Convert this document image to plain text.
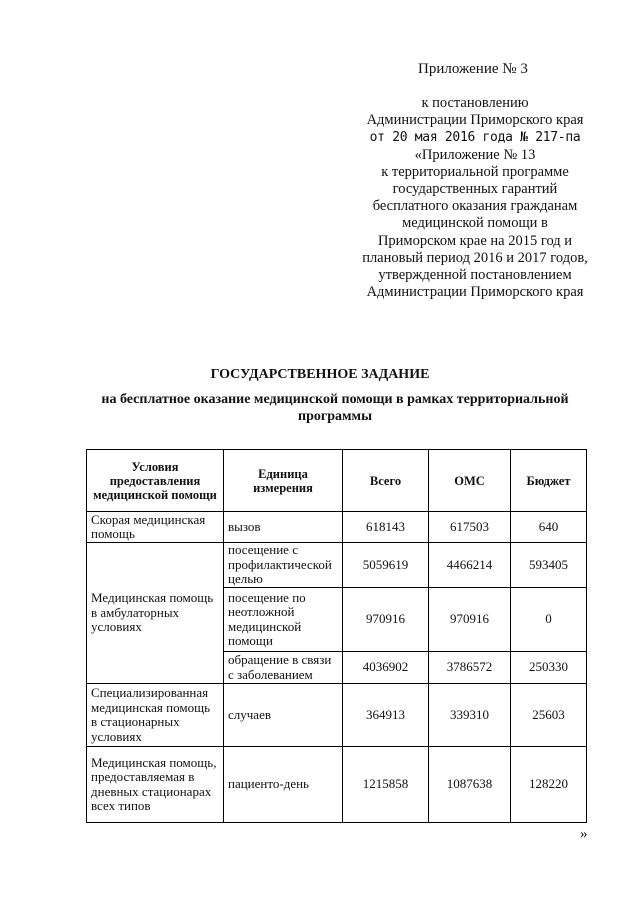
Приложение № 3
к постановлению
Администрации Приморского края
от 20 мая 2016 года № 217-па
«Приложение № 13
к территориальной программе
государственных гарантий
бесплатного оказания гражданам
медицинской помощи в
Приморском крае на 2015 год и
плановый период 2016 и 2017 годов,
утвержденной постановлением
Администрации Приморского края
ГОСУДАРСТВЕННОЕ ЗАДАНИЕ
на бесплатное оказание медицинской помощи в рамках территориальной программы
Условия предоставления медицинской помощи	Единица измерения	Всего	ОМС	Бюджет
Скорая медицинская помощь	вызов	618143	617503	640
Медицинская помощь в амбулаторных условиях	посещение с профилактической целью	5059619	4466214	593405
	посещение по неотложной медицинской помощи	970916	970916	0
	обращение в связи с заболеванием	4036902	3786572	250330
Специализированная медицинская помощь в стационарных условиях	случаев	364913	339310	25603
Медицинская помощь, предоставляемая в дневных стационарах всех типов	пациенто-день	1215858	1087638	128220
»
